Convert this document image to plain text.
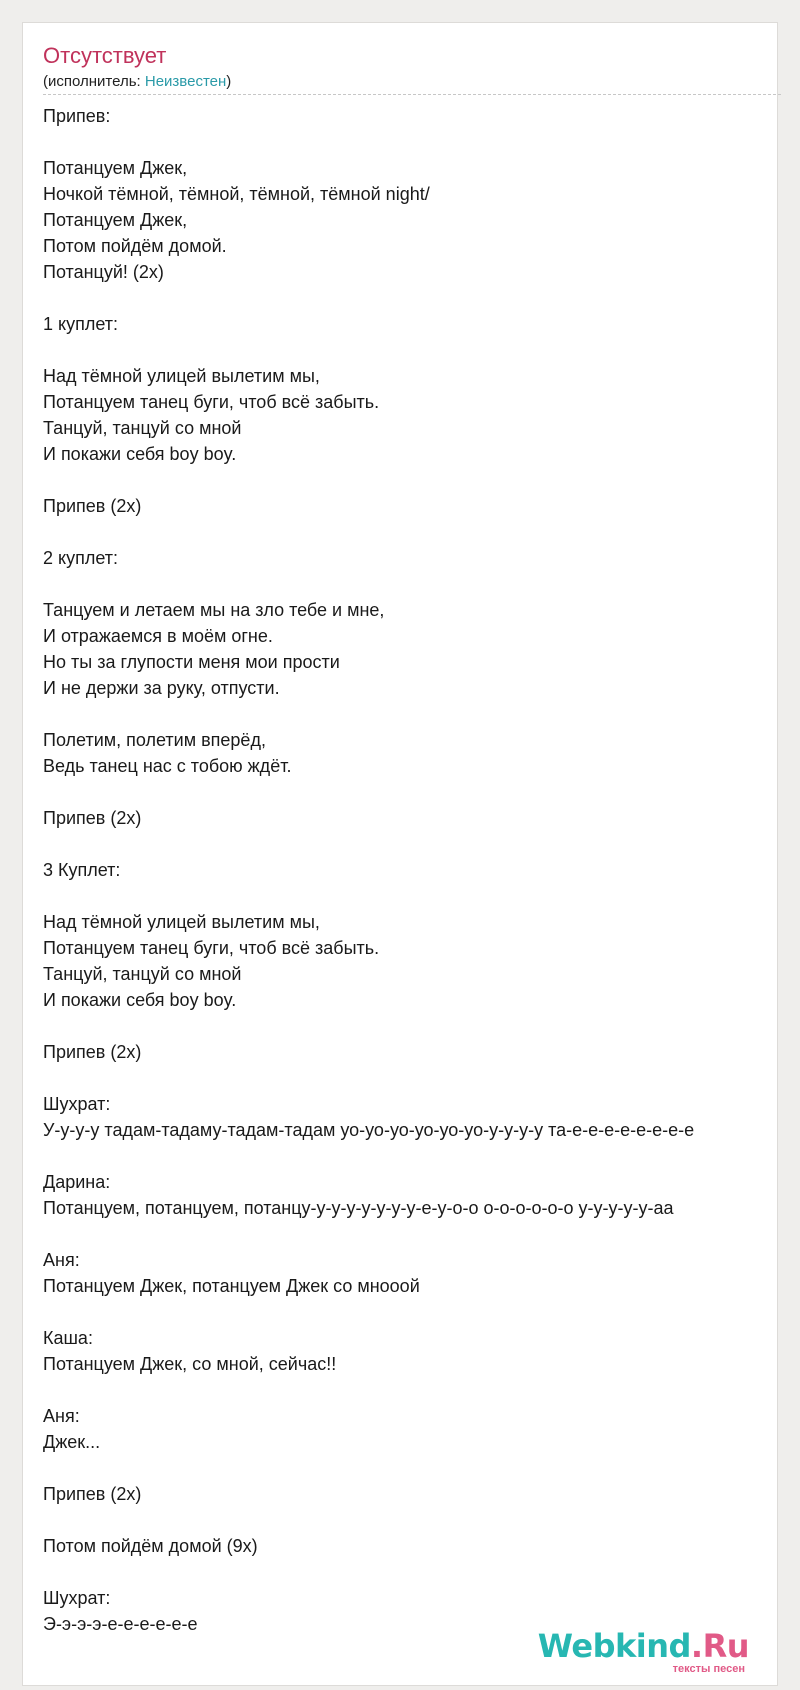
Отсутствует
(исполнитель: Неизвестен)
Припев:

Потанцуем Джек,
Ночкой тёмной, тёмной, тёмной, тёмной night/
Потанцуем Джек,
Потом пойдём домой.
Потанцуй! (2x)

1 куплет:

Над тёмной улицей вылетим мы,
Потанцуем танец буги, чтоб всё забыть.
Танцуй, танцуй со мной
И покажи себя boy boy.

Припев (2x)

2 куплет:

Танцуем и летаем мы на зло тебе и мне,
И отражаемся в моём огне.
Но ты за глупости меня мои прости
И не держи за руку, отпусти.

Полетим, полетим вперёд,
Ведь танец нас с тобою ждёт.

Припев (2x)

3 Куплет:

Над тёмной улицей вылетим мы,
Потанцуем танец буги, чтоб всё забыть.
Танцуй, танцуй со мной
И покажи себя boy boy.

Припев (2x)

Шухрат:
У-у-у-у тадам-тадаму-тадам-тадам уо-уо-уо-уо-уо-уо-у-у-у-у та-е-е-е-е-е-е-е-е

Дарина:
Потанцуем, потанцуем, потанцу-у-у-у-у-у-у-у-е-у-о-о о-о-о-о-о-о у-у-у-у-у-аа

Аня:
Потанцуем Джек, потанцуем Джек со мнооой

Каша:
Потанцуем Джек, со мной, сейчас!!

Аня:
Джек...

Припев (2x)

Потом пойдём домой (9x)

Шухрат:
Э-э-э-э-е-е-е-е-е-е
Webkind.Ru
тексты песен
